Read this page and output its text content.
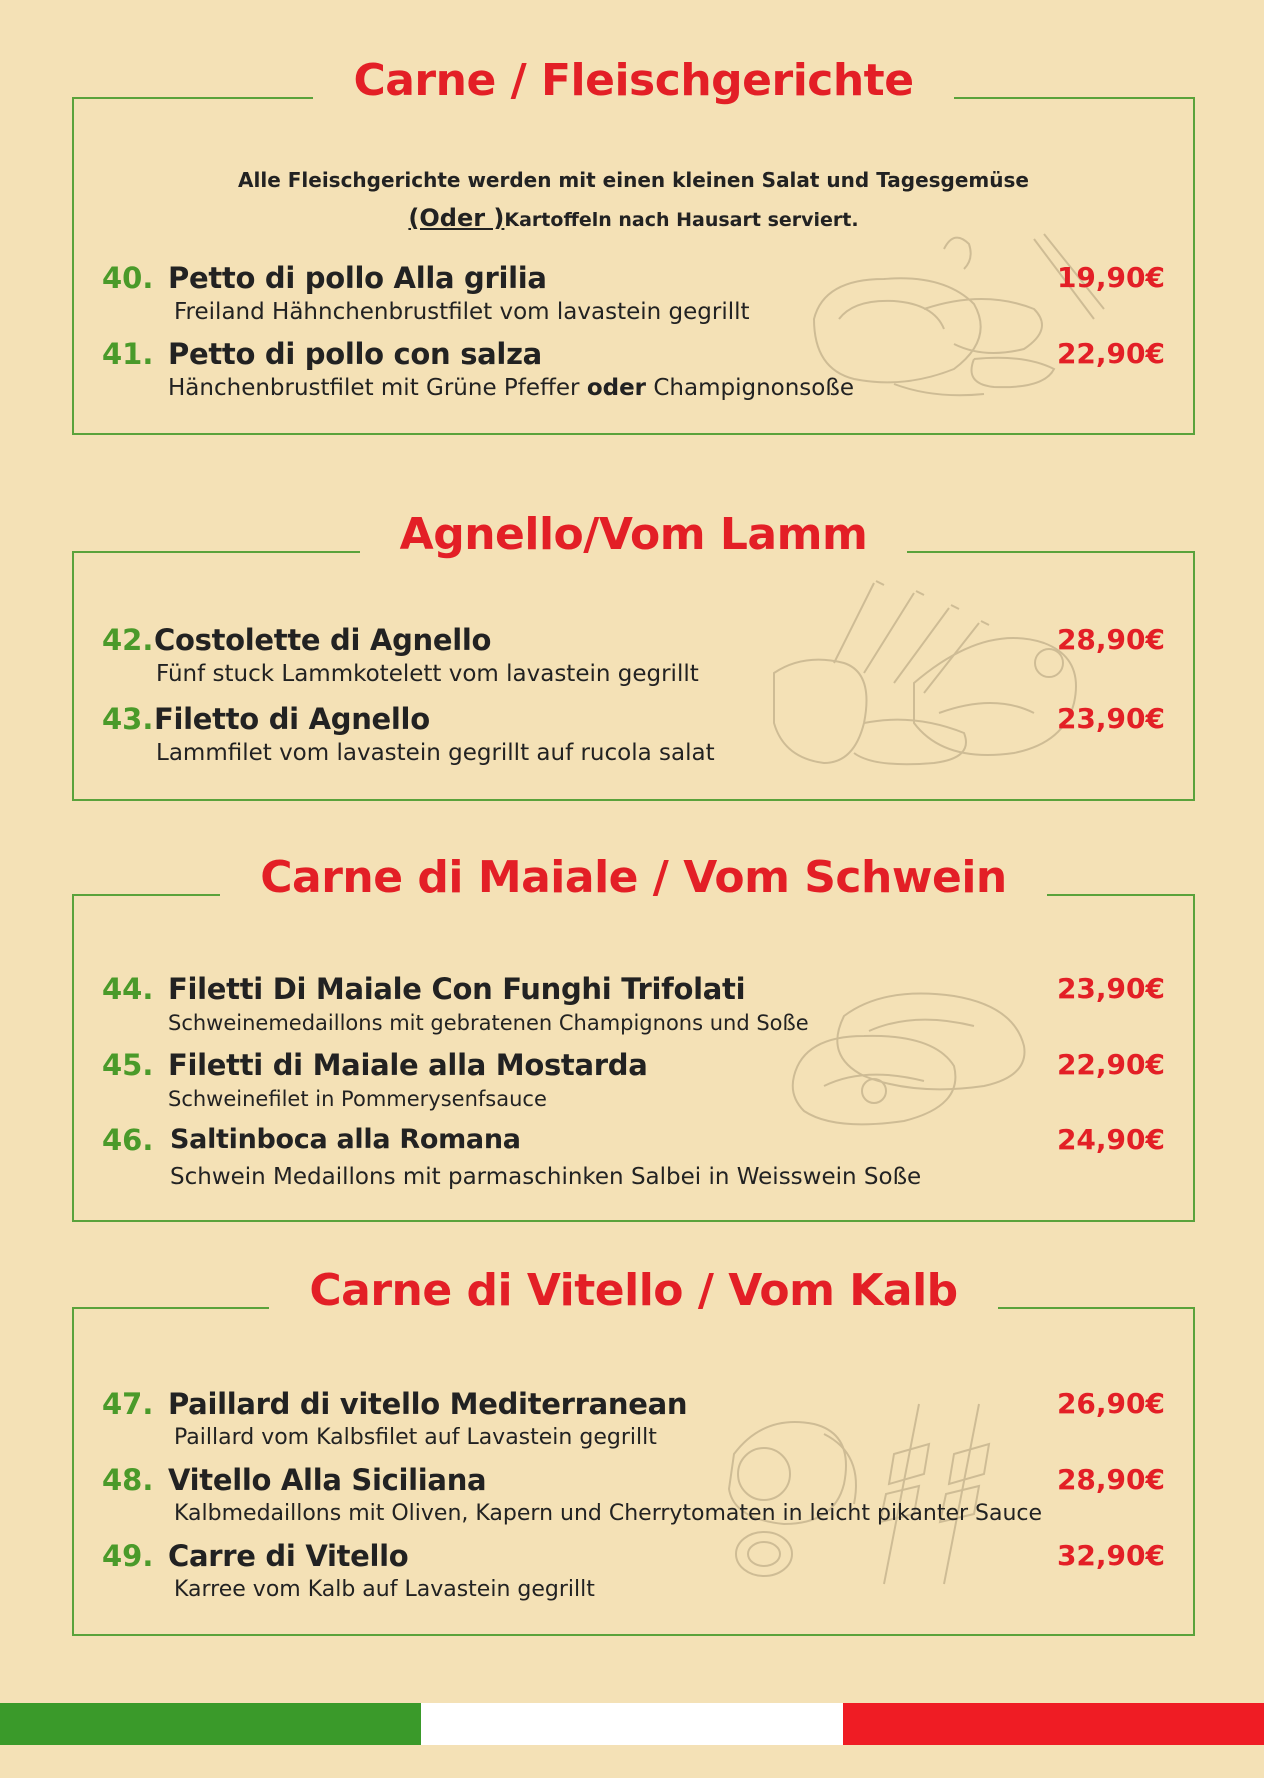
Carne / Fleischgerichte
Alle Fleischgerichte werden mit einen kleinen Salat und Tagesgemüse
(Oder )Kartoffeln nach Hausart serviert.
40. Petto di pollo Alla grilia	19,90€
Freiland Hähnchenbrustfilet vom lavastein gegrillt
41. Petto di pollo con salza	22,90€
Hänchenbrustfilet mit Grüne Pfeffer oder Champignonsoße
Agnello/Vom Lamm
42. Costolette di Agnello	28,90€
Fünf stuck Lammkotelett vom lavastein gegrillt
43. Filetto di Agnello	23,90€
Lammfilet vom lavastein gegrillt auf rucola salat
Carne di Maiale / Vom Schwein
44. Filetti Di Maiale Con Funghi Trifolati	23,90€
Schweinemedaillons mit gebratenen Champignons und Soße
45. Filetti di Maiale alla Mostarda	22,90€
Schweinefilet in Pommerysenfsauce
46. Saltinboca alla Romana	24,90€
Schwein Medaillons mit parmaschinken Salbei in Weisswein Soße
Carne di Vitello / Vom Kalb
47. Paillard di vitello Mediterranean	26,90€
Paillard vom Kalbsfilet auf Lavastein gegrillt
48. Vitello Alla Siciliana	28,90€
Kalbmedaillons mit Oliven, Kapern und Cherrytomaten in leicht pikanter Sauce
49. Carre di Vitello	32,90€
Karree vom Kalb auf Lavastein gegrillt
